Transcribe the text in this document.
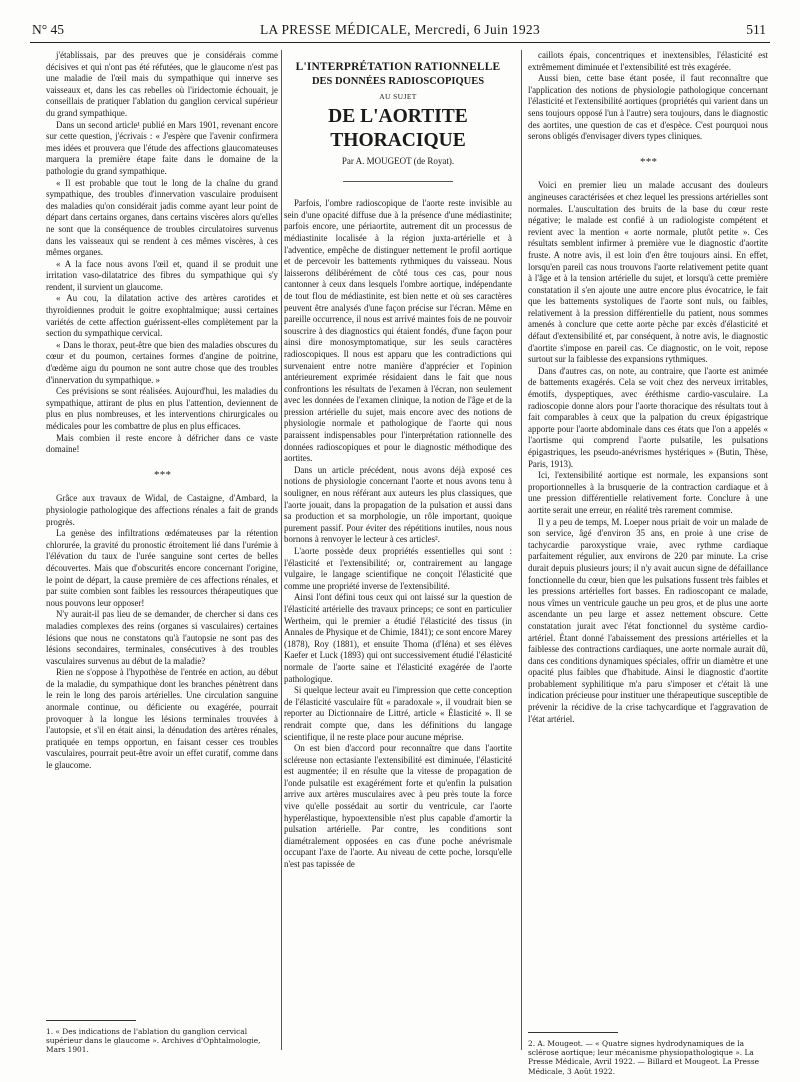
N° 45	LA PRESSE MÉDICALE, Mercredi, 6 Juin 1923	511

j'établissais, par des preuves que je considérais comme décisives et qui n'ont pas été réfutées, que le glaucome n'est pas une maladie de l'œil mais du sympathique qui innerve ses vaisseaux et, dans les cas rebelles où l'iridectomie échouait, je conseillais de pratiquer l'ablation du ganglion cervical supérieur du grand sympathique.

Dans un second article¹ publié en Mars 1901, revenant encore sur cette question, j'écrivais : « J'espère que l'avenir confirmera mes idées et prouvera que l'étude des affections glaucomateuses marquera la première étape faite dans le domaine de la pathologie du grand sympathique.

« Il est probable que tout le long de la chaîne du grand sympathique, des troubles d'innervation vasculaire produisent des maladies qu'on considérait jadis comme ayant leur point de départ dans certains organes, dans certains viscères alors qu'elles ne sont que la conséquence de troubles circulatoires survenus dans les vaisseaux qui se rendent à ces mêmes viscères, à ces mêmes organes.

« A la face nous avons l'œil et, quand il se produit une irritation vaso-dilatatrice des fibres du sympathique qui s'y rendent, il survient un glaucome.

« Au cou, la dilatation active des artères carotides et thyroïdiennes produit le goitre exophtalmique; aussi certaines variétés de cette affection guérissent-elles complètement par la section du sympathique cervical.

« Dans le thorax, peut-être que bien des maladies obscures du cœur et du poumon, certaines formes d'angine de poitrine, d'œdème aigu du poumon ne sont autre chose que des troubles d'innervation du sympathique. »

Ces prévisions se sont réalisées. Aujourd'hui, les maladies du sympathique, attirant de plus en plus l'attention, deviennent de plus en plus nombreuses, et les interventions chirurgicales ou médicales pour les combattre de plus en plus efficaces.

Mais combien il reste encore à défricher dans ce vaste domaine!

* * *

Grâce aux travaux de Widal, de Castaigne, d'Ambard, la physiologie pathologique des affections rénales a fait de grands progrès.

La genèse des infiltrations œdémateuses par la rétention chlorurée, la gravité du pronostic étroitement lié dans l'urémie à l'élévation du taux de l'urée sanguine sont certes de belles découvertes. Mais que d'obscurités encore concernant l'origine, le point de départ, la cause première de ces affections rénales, et par suite combien sont faibles les ressources thérapeutiques que nous pouvons leur opposer!

N'y aurait-il pas lieu de se demander, de chercher si dans ces maladies complexes des reins (organes si vasculaires) certaines lésions que nous ne constatons qu'à l'autopsie ne sont pas des lésions secondaires, terminales, consécutives à des troubles vasculaires survenus au début de la maladie?

Rien ne s'oppose à l'hypothèse de l'entrée en action, au début de la maladie, du sympathique dont les branches pénètrent dans le rein le long des parois artérielles. Une circulation sanguine anormale continue, ou déficiente ou exagérée, pourrait provoquer à la longue les lésions terminales trouvées à l'autopsie, et s'il en était ainsi, la dénudation des artères rénales, pratiquée en temps opportun, en faisant cesser ces troubles vasculaires, pourrait peut-être avoir un effet curatif, comme dans le glaucome.

1. « Des indications de l'ablation du ganglion cervical supérieur dans le glaucome ». Archives d'Ophtalmologie, Mars 1901.
L'INTERPRÉTATION RATIONNELLE
DES DONNÉES RADIOSCOPIQUES
AU SUJET
DE L'AORTITE THORACIQUE
Par A. MOUGEOT (de Royat).

Parfois, l'ombre radioscopique de l'aorte reste invisible au sein d'une opacité diffuse due à la présence d'une médiastinite; parfois encore, une périaortite, autrement dit un processus de médiastinite localisée à la région juxta-artérielle et à l'adventice, empêche de distinguer nettement le profil aortique et de percevoir les battements rythmiques du vaisseau. Nous laisserons délibérément de côté tous ces cas, pour nous cantonner à ceux dans lesquels l'ombre aortique, indépendante de tout flou de médiastinite, est bien nette et où ses caractères peuvent être analysés d'une façon précise sur l'écran. Même en pareille occurrence, il nous est arrivé maintes fois de ne pouvoir souscrire à des diagnostics qui étaient fondés, d'une façon pour ainsi dire monosymptomatique, sur les seuls caractères radioscopiques. Il nous est apparu que les contradictions qui survenaient entre notre manière d'apprécier et l'opinion antérieurement exprimée résidaient dans le fait que nous confrontions les résultats de l'examen à l'écran, non seulement avec les données de l'examen clinique, la notion de l'âge et de la pression artérielle du sujet, mais encore avec des notions de physiologie normale et pathologique de l'aorte qui nous paraissent indispensables pour l'interprétation rationnelle des données radioscopiques et pour le diagnostic méthodique des aortites.

Dans un article précédent, nous avons déjà exposé ces notions de physiologie concernant l'aorte et nous avons tenu à souligner, en nous référant aux auteurs les plus classiques, que l'aorte jouait, dans la propagation de la pulsation et aussi dans sa production et sa morphologie, un rôle important, quoique purement passif. Pour éviter des répétitions inutiles, nous nous bornons à renvoyer le lecteur à ces articles².

L'aorte possède deux propriétés essentielles qui sont : l'élasticité et l'extensibilité; or, contrairement au langage vulgaire, le langage scientifique ne conçoit l'élasticité que comme une propriété inverse de l'extensibilité.

Ainsi l'ont défini tous ceux qui ont laissé sur la question de l'élasticité artérielle des travaux princeps; ce sont en particulier Wertheim, qui le premier a étudié l'élasticité des tissus (in Annales de Physique et de Chimie, 1841); ce sont encore Marey (1878), Roy (1881), et ensuite Thoma (d'Iéna) et ses élèves Kaefer et Luck (1893) qui ont successivement étudié l'élasticité normale de l'aorte saine et l'élasticité exagérée de l'aorte pathologique.

Si quelque lecteur avait eu l'impression que cette conception de l'élasticité vasculaire fût « paradoxale », il voudrait bien se reporter au Dictionnaire de Littré, article « Élasticité ». Il se rendrait compte que, dans les définitions du langage scientifique, il ne reste place pour aucune méprise.

On est bien d'accord pour reconnaître que dans l'aortite scléreuse non ectasiante l'extensibilité est diminuée, l'élasticité est augmentée; il en résulte que la vitesse de propagation de l'onde pulsatile est exagérément forte et qu'enfin la pulsation arrive aux artères musculaires avec à peu près toute la force vive qu'elle possédait au sortir du ventricule, car l'aorte hyperélastique, hypoextensible n'est plus capable d'amortir la pulsation artérielle. Par contre, les conditions sont diamétralement opposées en cas d'une poche anévrismale occupant l'axe de l'aorte. Au niveau de cette poche, lorsqu'elle n'est pas tapissée de

caillots épais, concentriques et inextensibles, l'élasticité est extrêmement diminuée et l'extensibilité est très exagérée.

Aussi bien, cette base étant posée, il faut reconnaître que l'application des notions de physiologie pathologique concernant l'élasticité et l'extensibilité aortiques (propriétés qui varient dans un sens toujours opposé l'un à l'autre) sera toujours, dans le diagnostic des aortites, une question de cas et d'espèce. C'est pourquoi nous serons obligés d'envisager divers types cliniques.

* * *

Voici en premier lieu un malade accusant des douleurs angineuses caractérisées et chez lequel les pressions artérielles sont normales. L'auscultation des bruits de la base du cœur reste négative; le malade est confié à un radiologiste compétent et revient avec la mention « aorte normale, plutôt petite ». Ces résultats semblent infirmer à première vue le diagnostic d'aortite fruste. A notre avis, il est loin d'en être toujours ainsi. En effet, lorsqu'en pareil cas nous trouvons l'aorte relativement petite quant à l'âge et à la tension artérielle du sujet, et lorsqu'à cette première constatation il s'en ajoute une autre encore plus évocatrice, le fait que les battements systoliques de l'aorte sont nuls, ou faibles, relativement à la pression différentielle du patient, nous sommes amenés à conclure que cette aorte pèche par excès d'élasticité et défaut d'extensibilité et, par conséquent, à notre avis, le diagnostic d'aortite s'impose en pareil cas. Ce diagnostic, on le voit, repose surtout sur la faiblesse des expansions rythmiques.

Dans d'autres cas, on note, au contraire, que l'aorte est animée de battements exagérés. Cela se voit chez des nerveux irritables, émotifs, dyspeptiques, avec éréthisme cardio-vasculaire. La radioscopie donne alors pour l'aorte thoracique des résultats tout à fait comparables à ceux que la palpation du creux épigastrique apporte pour l'aorte abdominale dans ces états que l'on a appelés « l'aortisme qui comprend l'aorte pulsatile, les pulsations épigastriques, les pseudo-anévrismes hystériques » (Butin, Thèse, Paris, 1913).

Ici, l'extensibilité aortique est normale, les expansions sont proportionnelles à la brusquerie de la contraction cardiaque et à une pression différentielle relativement forte. Conclure à une aortite serait une erreur, en réalité très rarement commise.

Il y a peu de temps, M. Loeper nous priait de voir un malade de son service, âgé d'environ 35 ans, en proie à une crise de tachycardie paroxystique vraie, avec rythme cardiaque parfaitement régulier, aux environs de 220 par minute. La crise durait depuis plusieurs jours; il n'y avait aucun signe de défaillance fonctionnelle du cœur, bien que les pulsations fussent très faibles et les pressions artérielles fort basses. En radioscopant ce malade, nous vîmes un ventricule gauche un peu gros, et de plus une aorte ascendante un peu large et assez nettement obscure. Cette constatation jurait avec l'état fonctionnel du système cardio-artériel. Étant donné l'abaissement des pressions artérielles et la faiblesse des contractions cardiaques, une aorte normale aurait dû, dans ces conditions dynamiques spéciales, offrir un diamètre et une opacité plus faibles que d'habitude. Ainsi le diagnostic d'aortite probablement syphilitique m'a paru s'imposer et c'était là une indication précieuse pour instituer une thérapeutique susceptible de prévenir la récidive de la crise tachycardique et l'aggravation de l'état artériel.

2. A. Mougeot. — « Quatre signes hydrodynamiques de la sclérose aortique; leur mécanisme physiopathologique ». La Presse Médicale, Avril 1922. — Billard et Mougeot. La Presse Médicale, 3 Août 1922.
